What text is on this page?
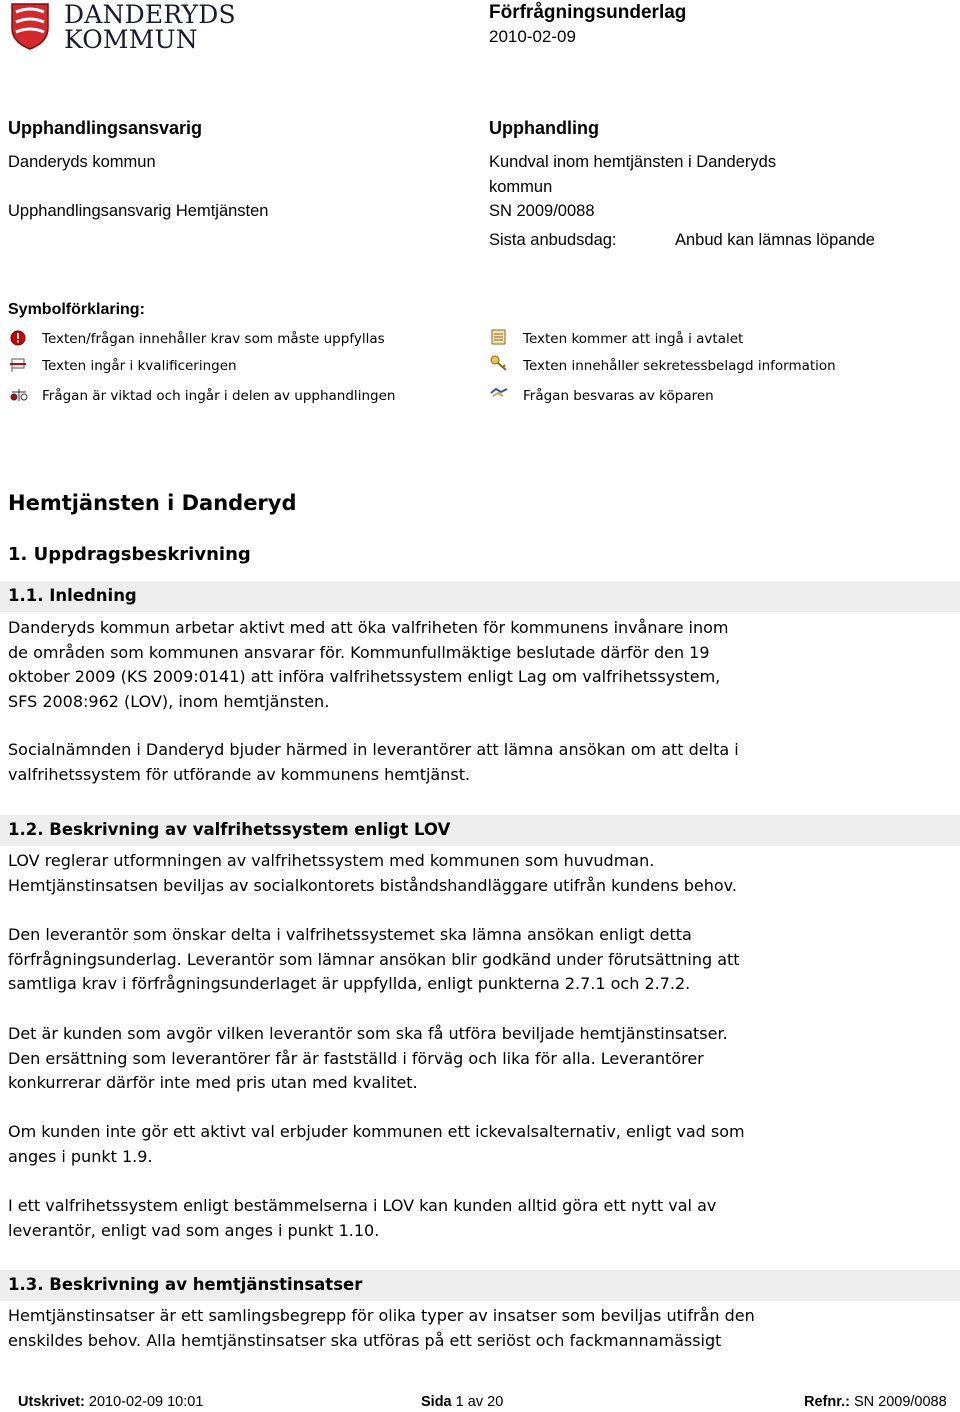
DANDERYDS
KOMMUN
Förfrågningsunderlag
2010-02-09
Upphandlingsansvarig
Danderyds kommun
Upphandlingsansvarig Hemtjänsten
Upphandling
Kundval inom hemtjänsten i Danderyds
kommun
SN 2009/0088
Sista anbudsdag:	Anbud kan lämnas löpande
Symbolförklaring:
Texten/frågan innehåller krav som måste uppfyllas	Texten kommer att ingå i avtalet
Texten ingår i kvalificeringen	Texten innehåller sekretessbelagd information
Frågan är viktad och ingår i delen av upphandlingen	Frågan besvaras av köparen
Hemtjänsten i Danderyd
1. Uppdragsbeskrivning
1.1. Inledning

Danderyds kommun arbetar aktivt med att öka valfriheten för kommunens invånare inom

de områden som kommunen ansvarar för. Kommunfullmäktige beslutade därför den 19

oktober 2009 (KS 2009:0141) att införa valfrihetssystem enligt Lag om valfrihetssystem,

SFS 2008:962 (LOV), inom hemtjänsten.

Socialnämnden i Danderyd bjuder härmed in leverantörer att lämna ansökan om att delta i

valfrihetssystem för utförande av kommunens hemtjänst.

1.2. Beskrivning av valfrihetssystem enligt LOV

LOV reglerar utformningen av valfrihetssystem med kommunen som huvudman.

Hemtjänstinsatsen beviljas av socialkontorets biståndshandläggare utifrån kundens behov.

Den leverantör som önskar delta i valfrihetssystemet ska lämna ansökan enligt detta

förfrågningsunderlag. Leverantör som lämnar ansökan blir godkänd under förutsättning att

samtliga krav i förfrågningsunderlaget är uppfyllda, enligt punkterna 2.7.1 och 2.7.2.

Det är kunden som avgör vilken leverantör som ska få utföra beviljade hemtjänstinsatser.

Den ersättning som leverantörer får är fastställd i förväg och lika för alla. Leverantörer

konkurrerar därför inte med pris utan med kvalitet.

Om kunden inte gör ett aktivt val erbjuder kommunen ett ickevalsalternativ, enligt vad som

anges i punkt 1.9.

I ett valfrihetssystem enligt bestämmelserna i LOV kan kunden alltid göra ett nytt val av

leverantör, enligt vad som anges i punkt 1.10.

1.3. Beskrivning av hemtjänstinsatser

Hemtjänstinsatser är ett samlingsbegrepp för olika typer av insatser som beviljas utifrån den

enskildes behov. Alla hemtjänstinsatser ska utföras på ett seriöst och fackmannamässigt

Utskrivet: 2010-02-09 10:01	Sida 1 av 20	Refnr.: SN 2009/0088
